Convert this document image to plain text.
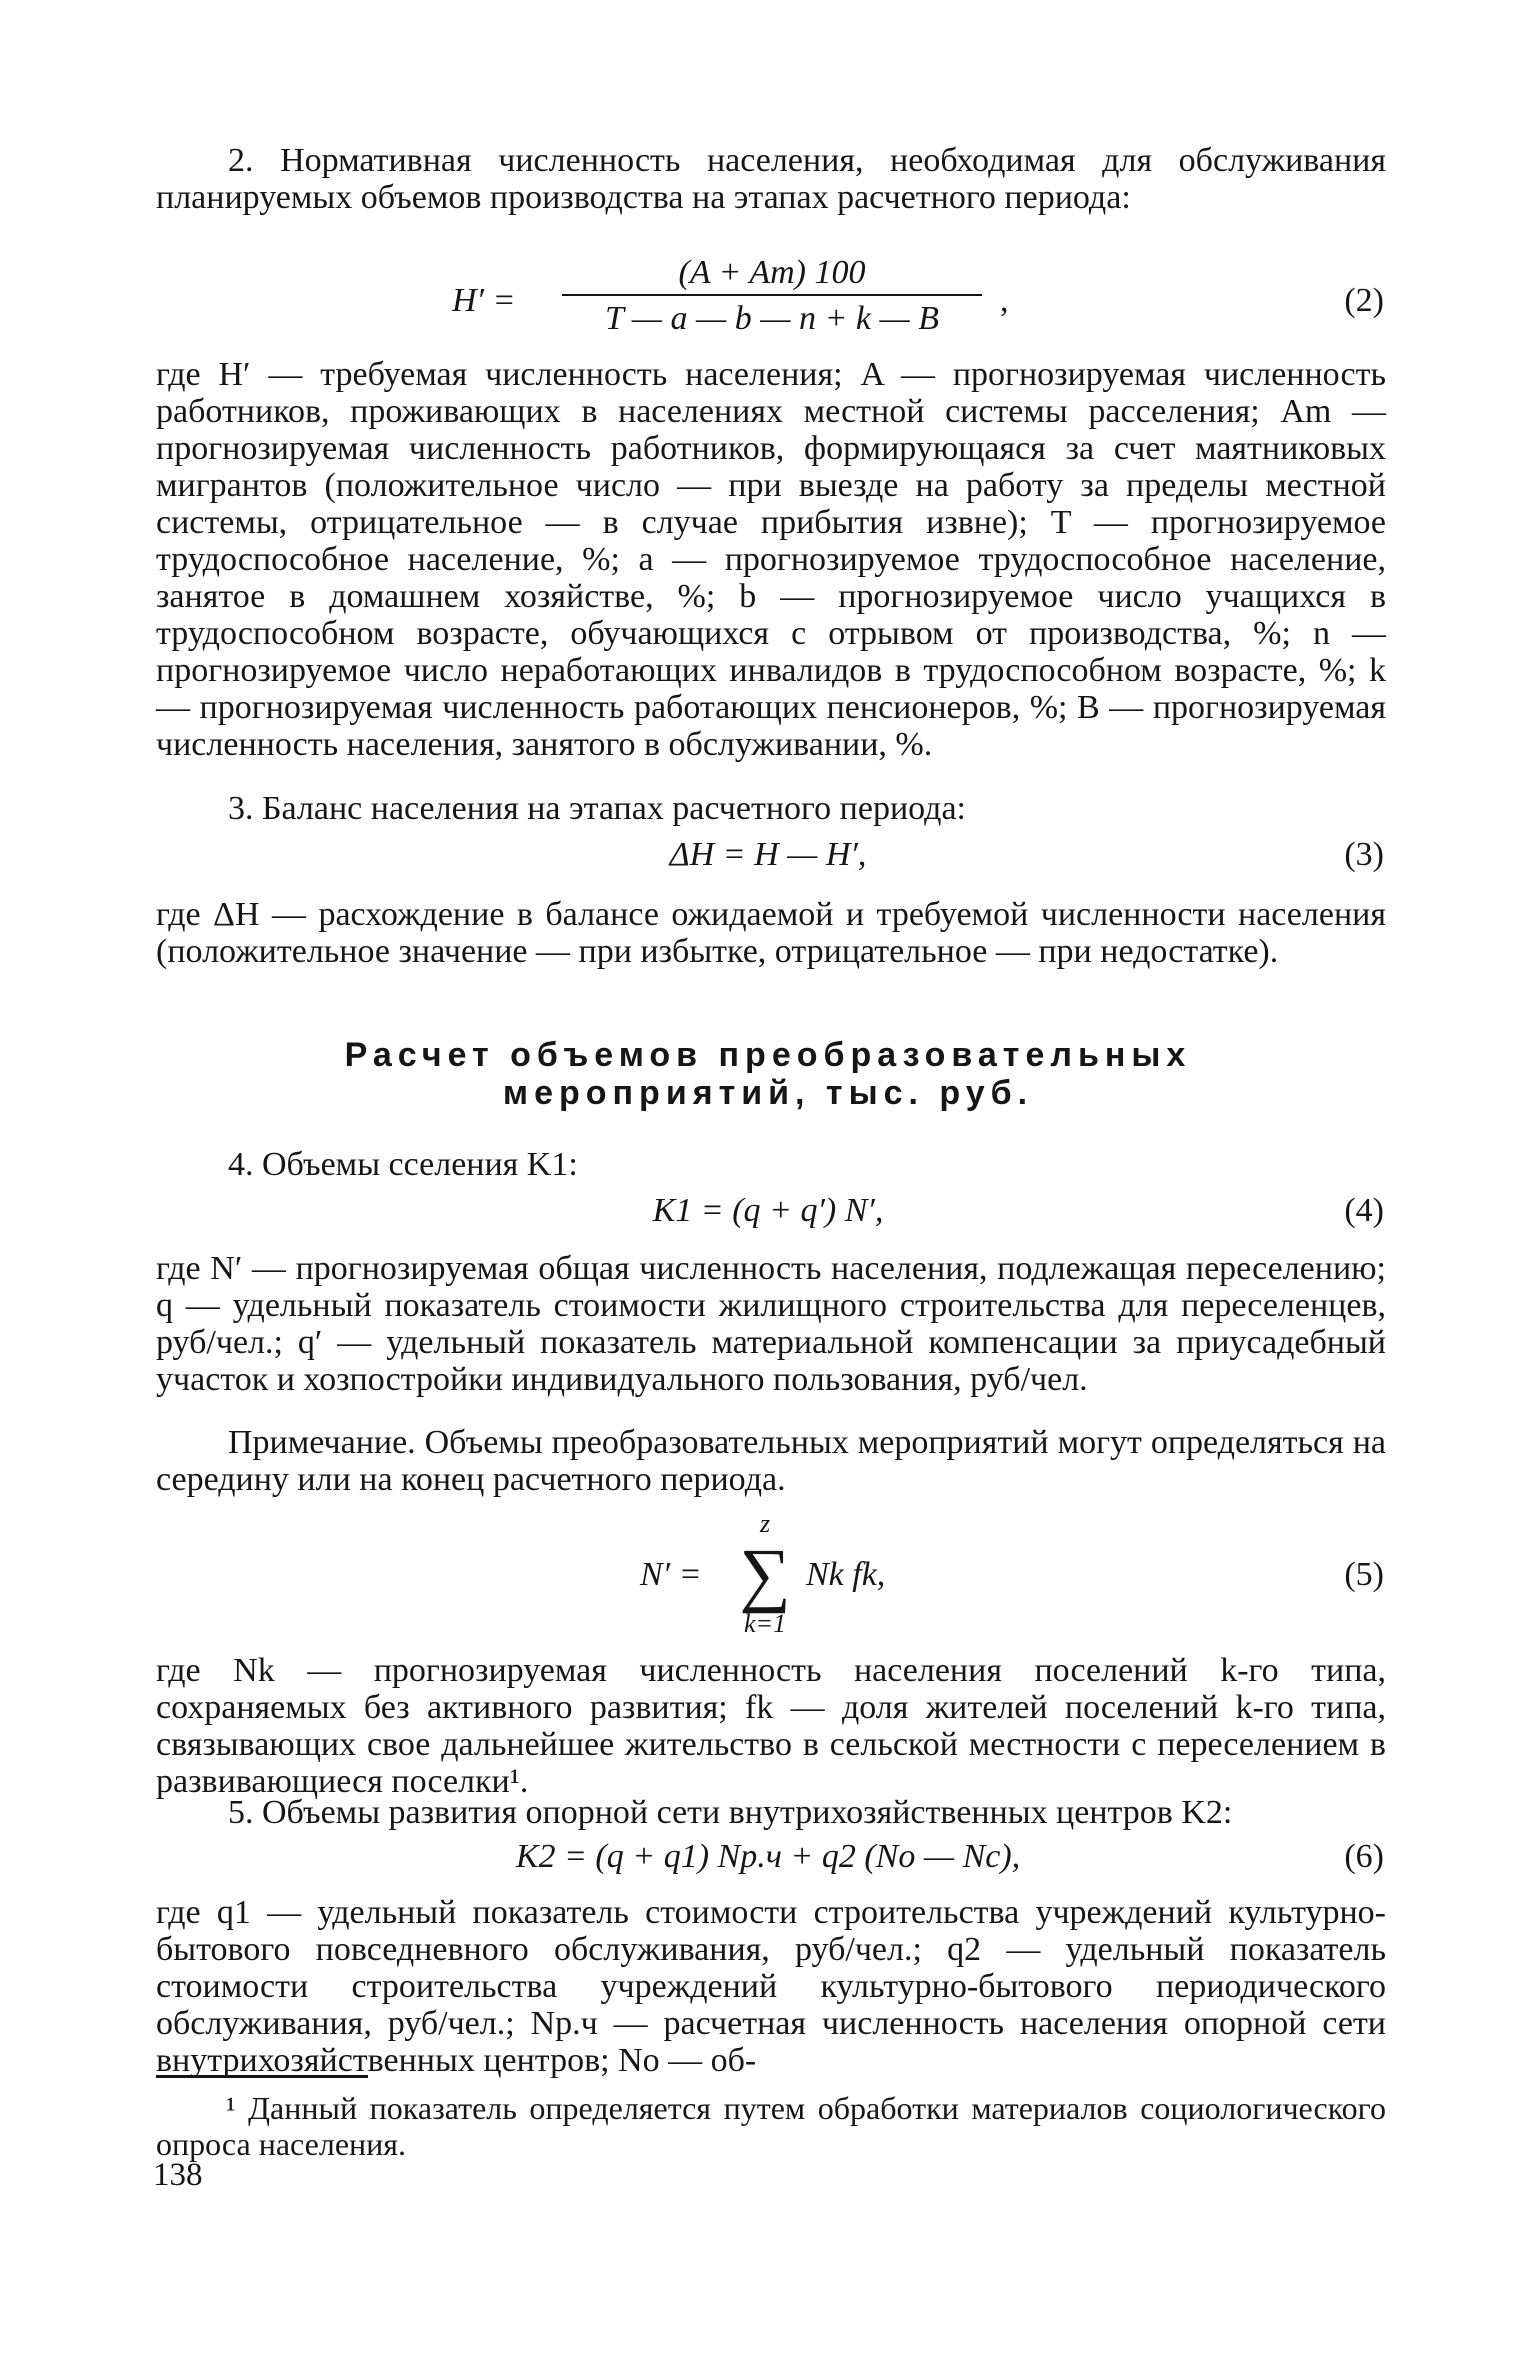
2. Нормативная численность населения, необходимая для обслуживания планируемых объемов производства на этапах расчетного периода:
$H' = \frac{(A + Am) 100}{T — a — b — n + k — B}$ ,	(2)
где H′ — требуемая численность населения; A — прогнозируемая численность работников, проживающих в населениях местной системы расселения; Am — прогнозируемая численность работников, формирующаяся за счет маятниковых мигрантов (положительное число — при выезде на работу за пределы местной системы, отрицательное — в случае прибытия извне); T — прогнозируемое трудоспособное население, %; a — прогнозируемое трудоспособное население, занятое в домашнем хозяйстве, %; b — прогнозируемое число учащихся в трудоспособном возрасте, обучающихся с отрывом от производства, %; n — прогнозируемое число неработающих инвалидов в трудоспособном возрасте, %; k — прогнозируемая численность работающих пенсионеров, %; B — прогнозируемая численность населения, занятого в обслуживании, %.
3. Баланс населения на этапах расчетного периода:
ΔH = H — H′,	(3)
где ΔH — расхождение в балансе ожидаемой и требуемой численности населения (положительное значение — при избытке, отрицательное — при недостатке).
Расчет объемов преобразовательных
мероприятий, тыс. руб.
4. Объемы сселения K1:
K1 = (q + q′) N′,	(4)
где N′ — прогнозируемая общая численность населения, подлежащая переселению; q — удельный показатель стоимости жилищного строительства для переселенцев, руб/чел.; q′ — удельный показатель материальной компенсации за приусадебный участок и хозпостройки индивидуального пользования, руб/чел.
Примечание. Объемы преобразовательных мероприятий могут определяться на середину или на конец расчетного периода.
N′ =
z
∑
k=1
Nk fk,	(5)
где Nk — прогнозируемая численность населения поселений k-го типа, сохраняемых без активного развития; fk — доля жителей поселений k-го типа, связывающих свое дальнейшее жительство в сельской местности с переселением в развивающиеся поселки¹.
5. Объемы развития опорной сети внутрихозяйственных центров K2:
K2 = (q + q1) Nр.ч + q2 (No — Nc),	(6)
где q1 — удельный показатель стоимости строительства учреждений культурно-бытового повседневного обслуживания, руб/чел.; q2 — удельный показатель стоимости строительства учреждений культурно-бытового периодического обслуживания, руб/чел.; Nр.ч — расчетная численность населения опорной сети внутрихозяйственных центров; No — об-
¹ Данный показатель определяется путем обработки материалов социологического опроса населения.
138
